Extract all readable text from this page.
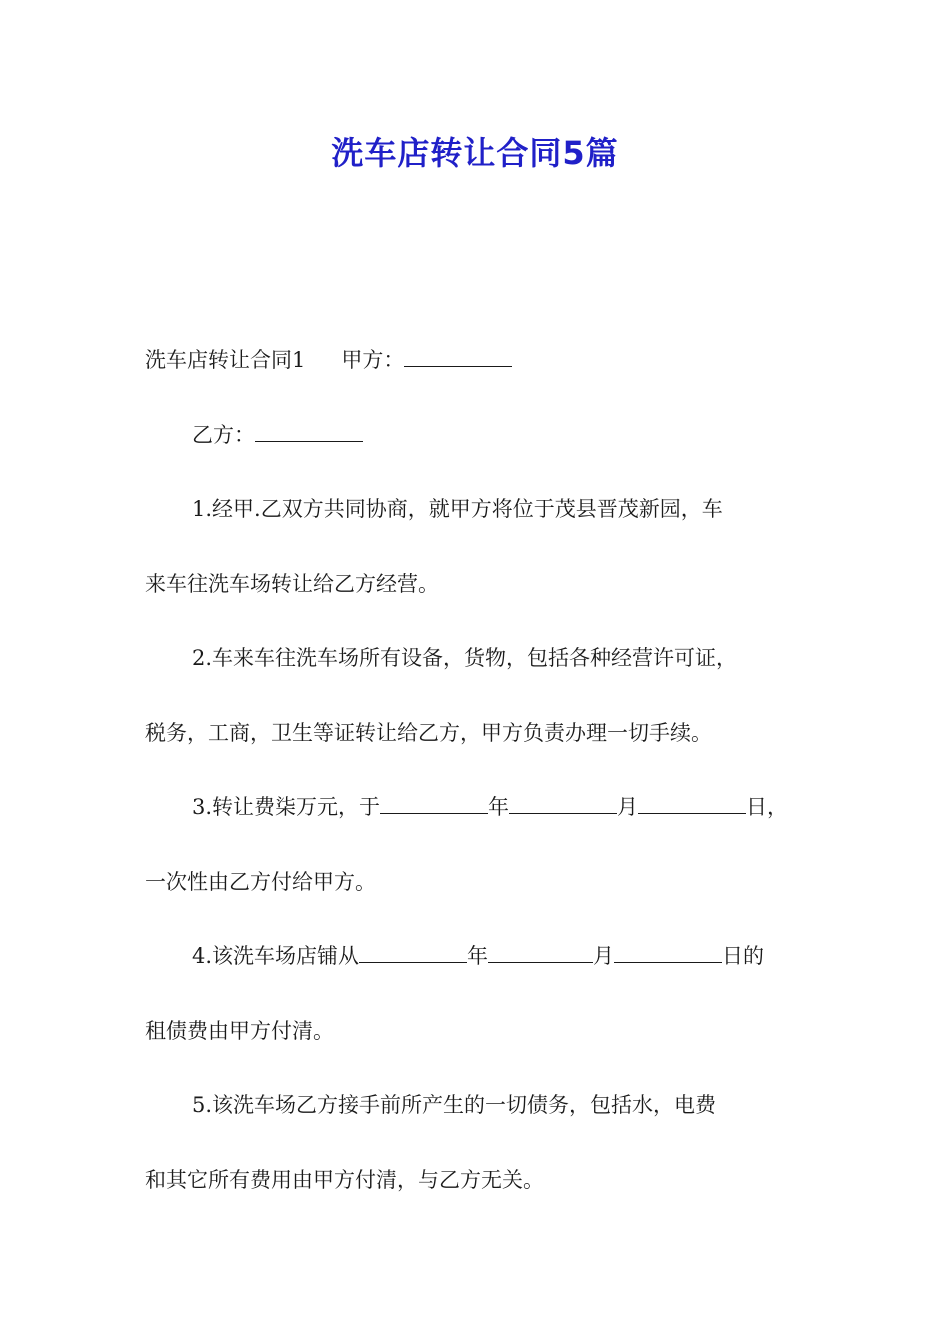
洗车店转让合同5篇
洗车店转让合同1 甲方：
乙方：
1.经甲.乙双方共同协商，就甲方将位于茂县晋茂新园，车
来车往洗车场转让给乙方经营。
2.车来车往洗车场所有设备，货物，包括各种经营许可证，
税务，工商，卫生等证转让给乙方，甲方负责办理一切手续。
3.转让费柒万元，于	年	月	日，
一次性由乙方付给甲方。
4.该洗车场店铺从	年	月	日的
租债费由甲方付清。
5.该洗车场乙方接手前所产生的一切债务，包括水，电费
和其它所有费用由甲方付清，与乙方无关。
